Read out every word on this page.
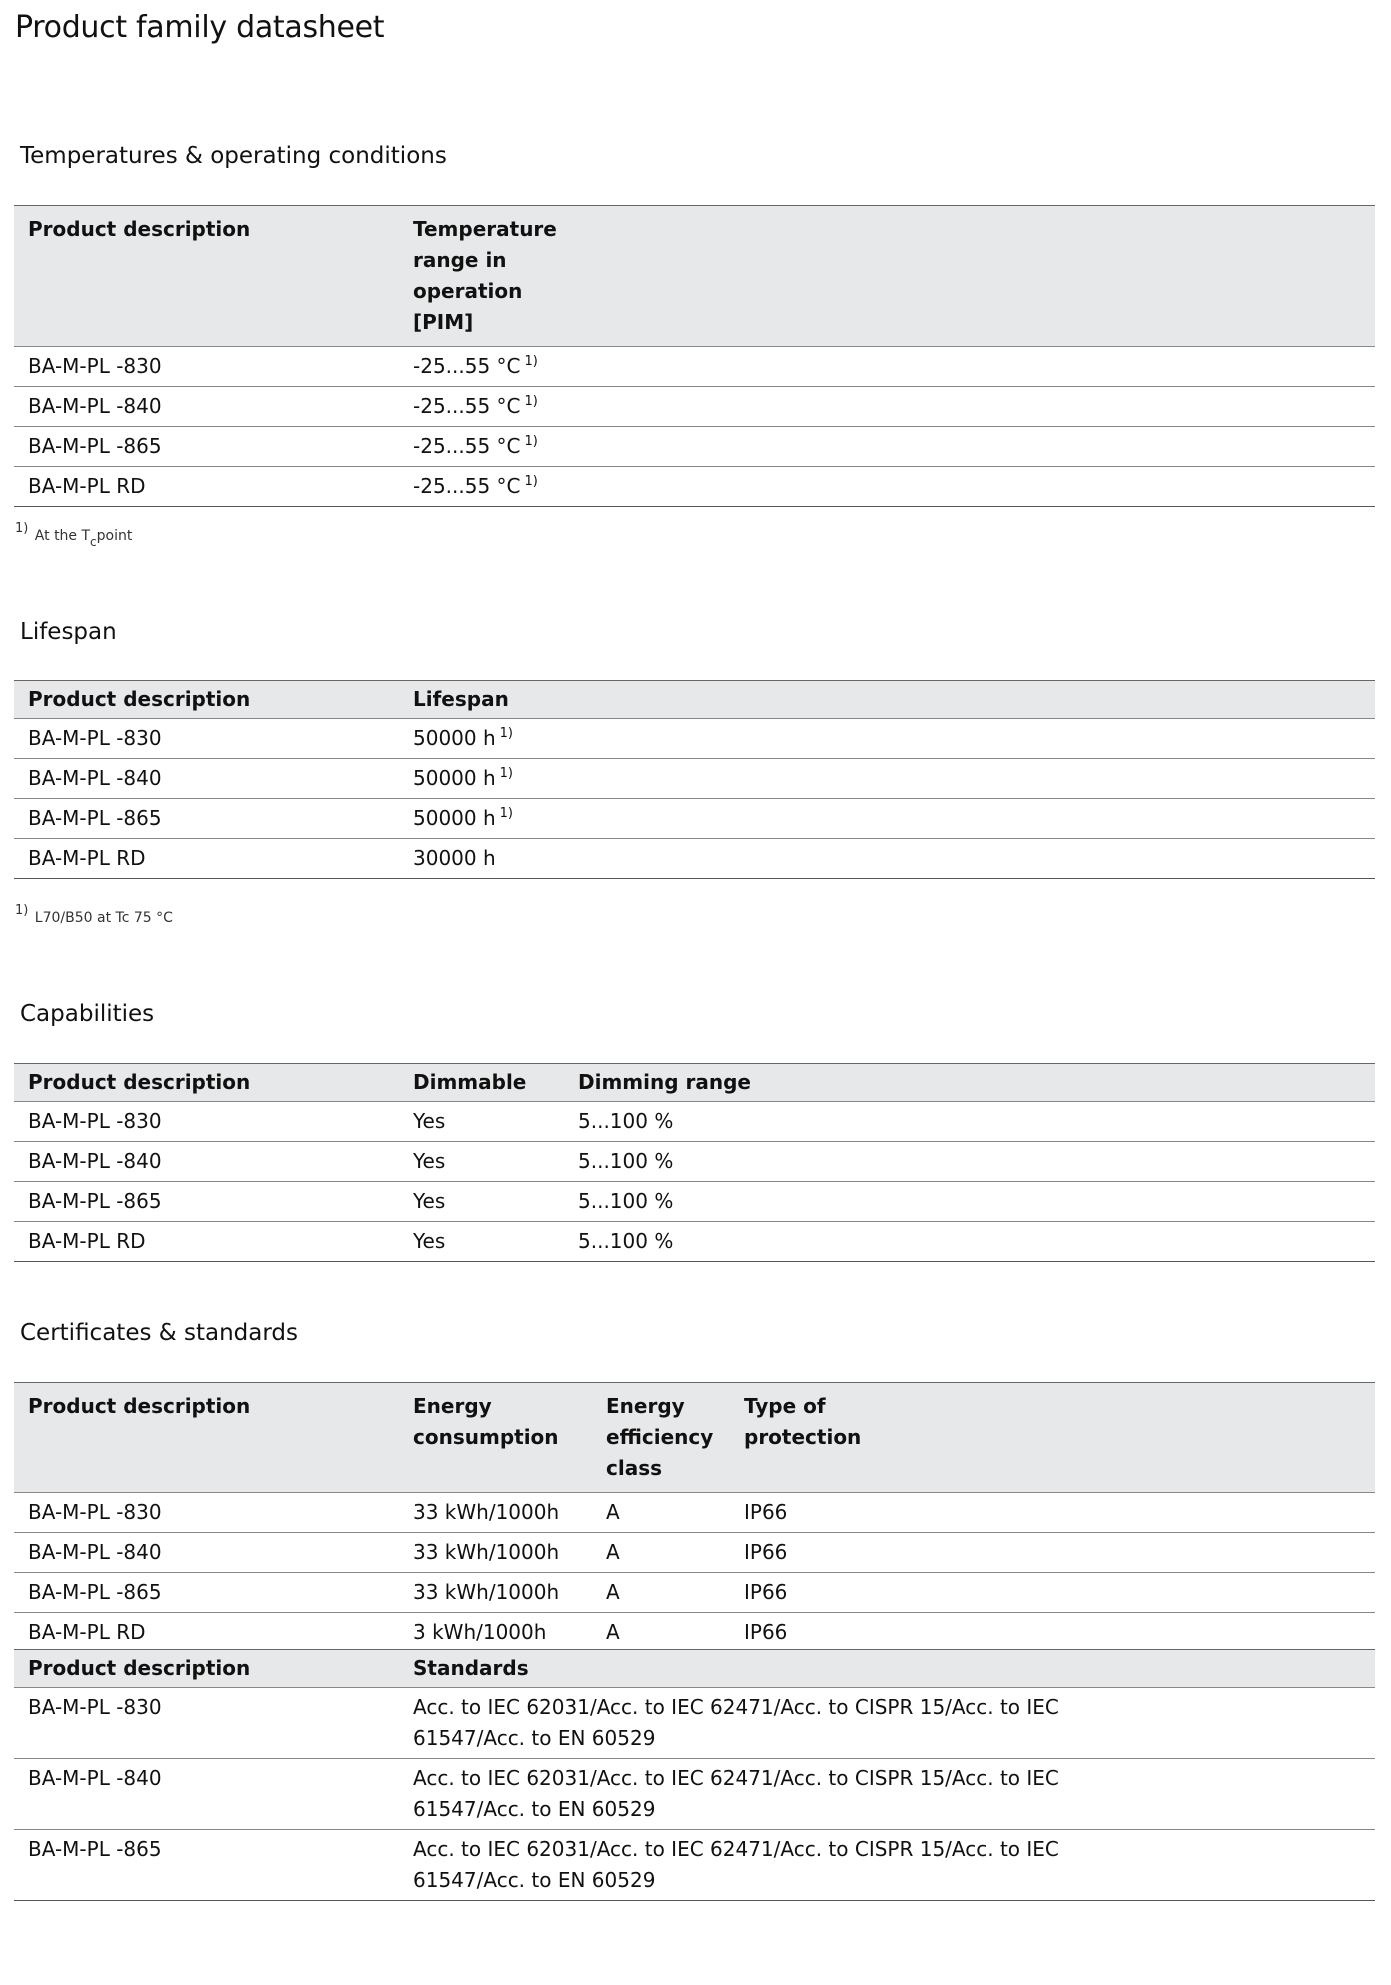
Product family datasheet
Temperatures & operating conditions
Product description	Temperature range in operation [PIM]

BA-M-PL -830	-25...55 °C $^{1)}$
BA-M-PL -840	-25...55 °C $^{1)}$
BA-M-PL -865	-25...55 °C $^{1)}$
BA-M-PL RD	-25...55 °C $^{1)}$
$^{1)}$ At the $T_cpoint$
Lifespan
Product description	Lifespan
BA-M-PL -830	50000 h $^{1)}$
BA-M-PL -840	50000 h $^{1)}$
BA-M-PL -865	50000 h $^{1)}$
BA-M-PL RD	30000 h
$^{1)}$ L70/B50 at Tc 75 °C
Capabilities
Product description	Dimmable	Dimming range
BA-M-PL -830	Yes	5...100 %
BA-M-PL -840	Yes	5...100 %
BA-M-PL -865	Yes	5...100 %
BA-M-PL RD	Yes	5...100 %
Certificates & standards
Product description	Energy consumption	Energy efficiency class	Type of protection

BA-M-PL -830	33 kWh/1000h	A	IP66
BA-M-PL -840	33 kWh/1000h	A	IP66
BA-M-PL -865	33 kWh/1000h	A	IP66
BA-M-PL RD	3 kWh/1000h	A	IP66
Product description	Standards
BA-M-PL -830	Acc. to IEC 62031/Acc. to IEC 62471/Acc. to CISPR 15/Acc. to IEC
61547/Acc. to EN 60529

BA-M-PL -840	Acc. to IEC 62031/Acc. to IEC 62471/Acc. to CISPR 15/Acc. to IEC
61547/Acc. to EN 60529

BA-M-PL -865	Acc. to IEC 62031/Acc. to IEC 62471/Acc. to CISPR 15/Acc. to IEC
61547/Acc. to EN 60529
